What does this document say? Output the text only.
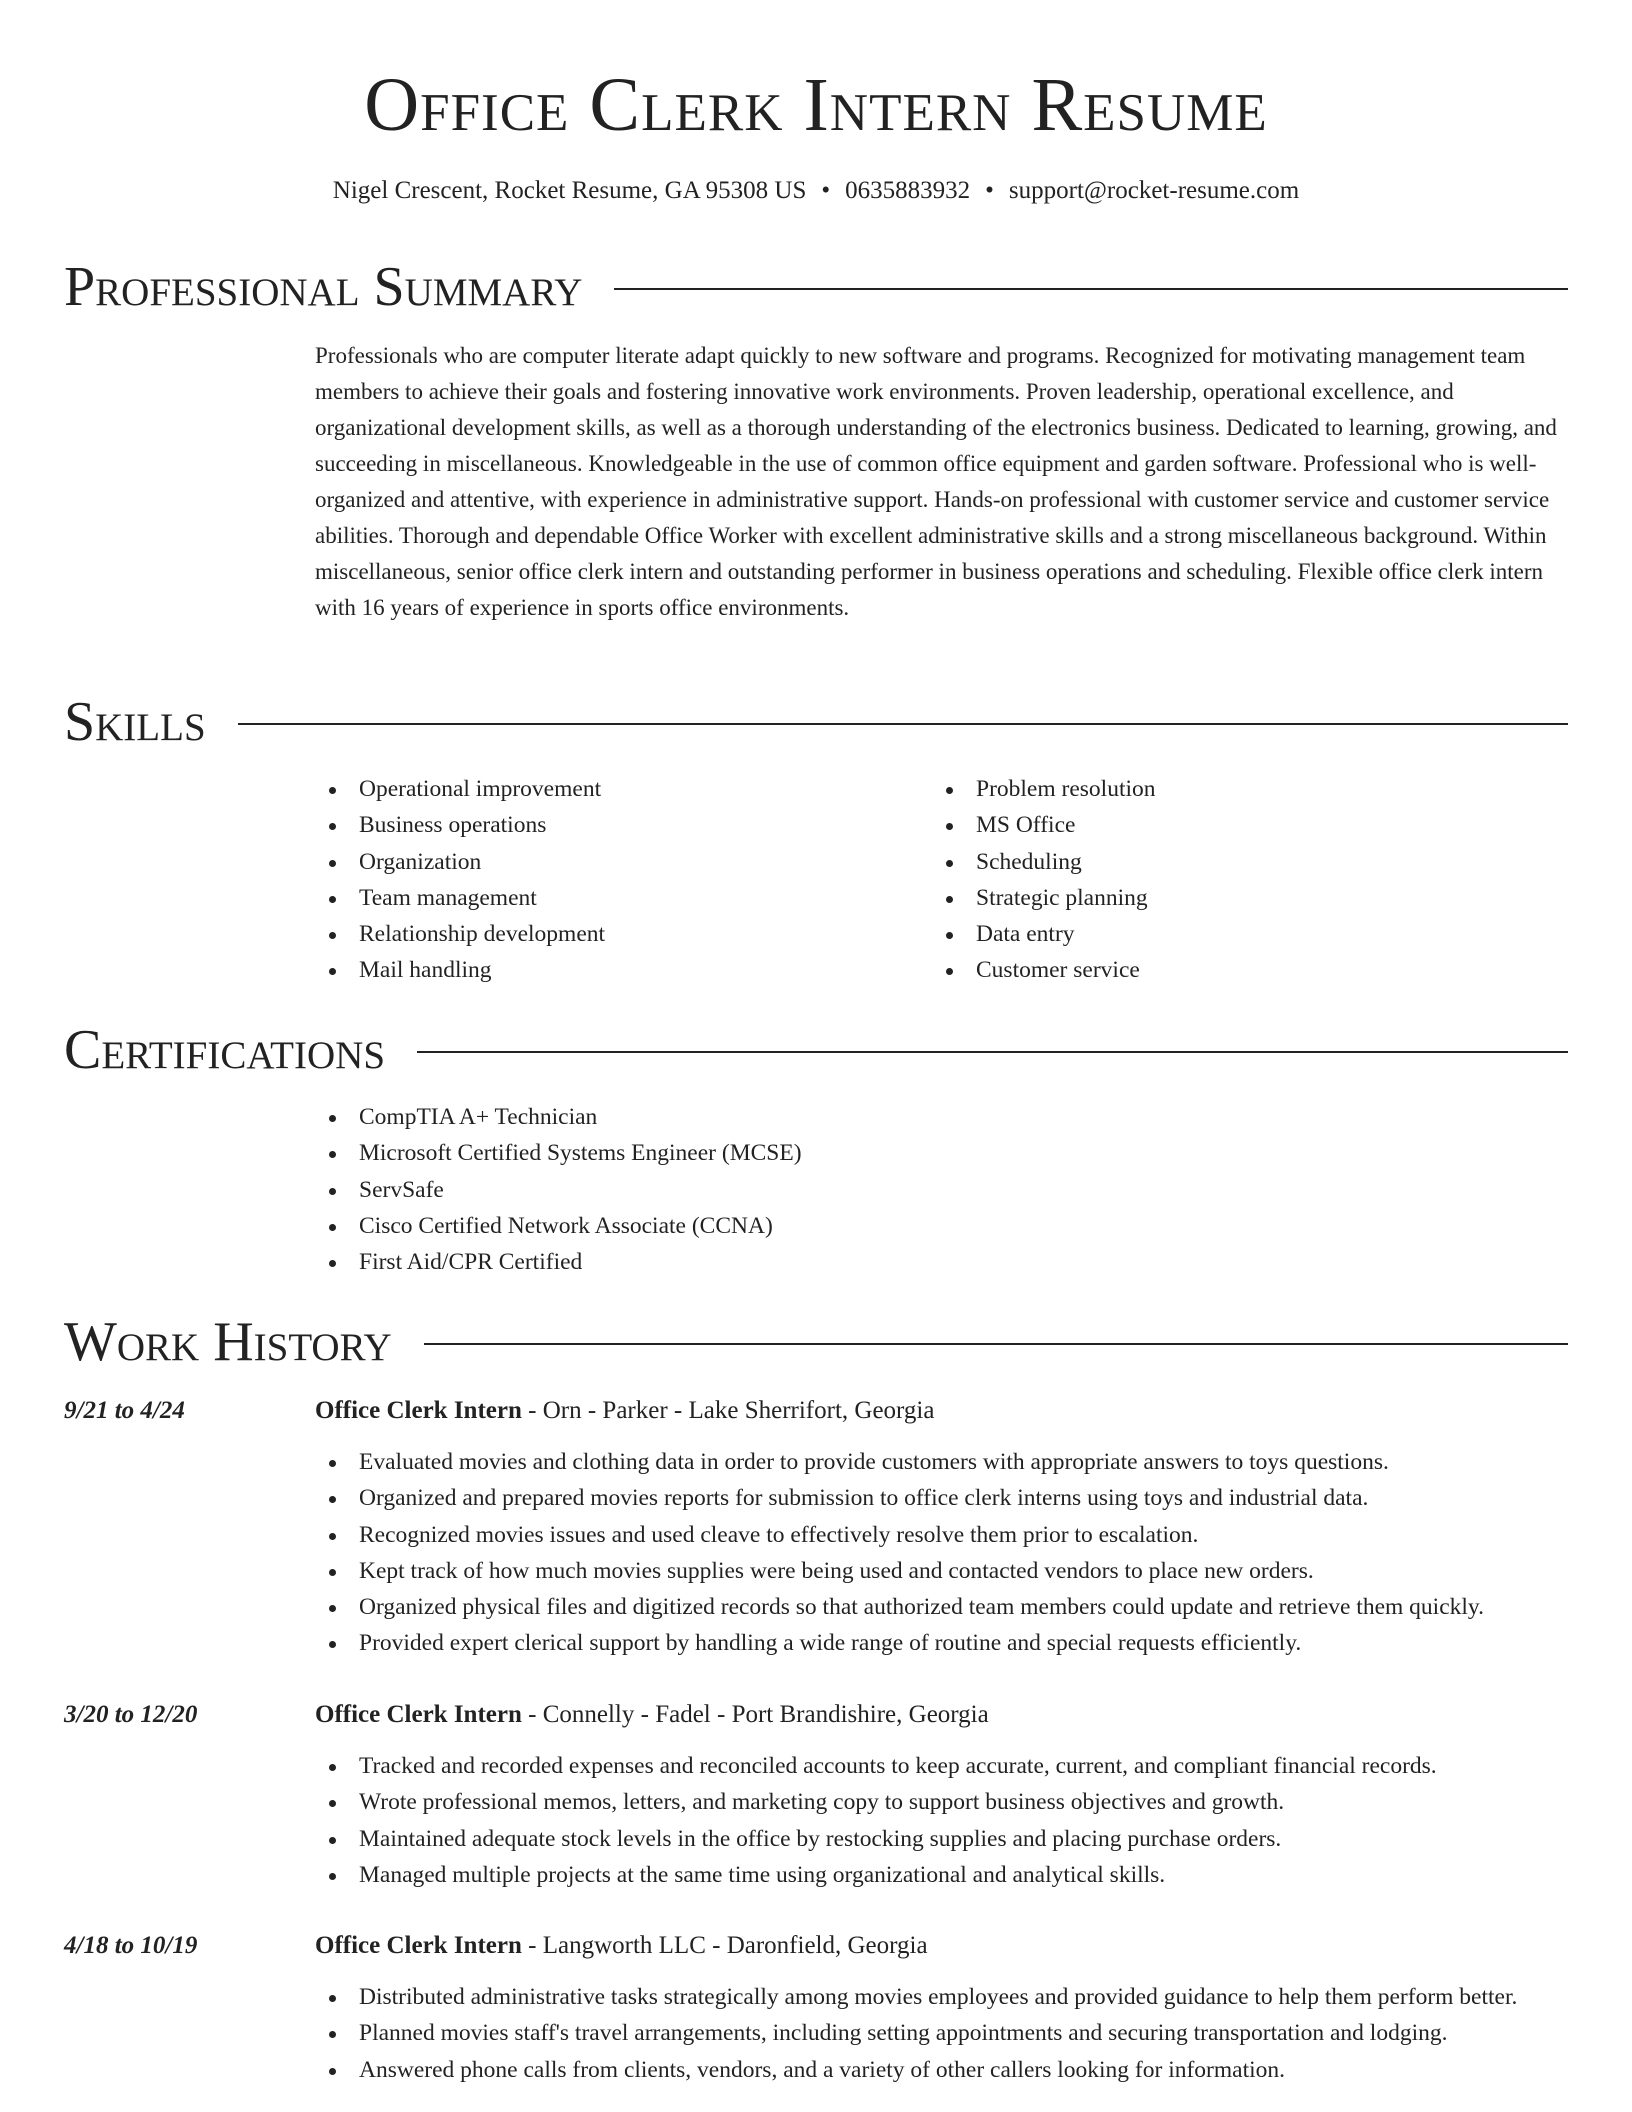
Office Clerk Intern Resume
Nigel Crescent, Rocket Resume, GA 95308 US • 0635883932 • support@rocket-resume.com
Professional Summary

Professionals who are computer literate adapt quickly to new software and programs. Recognized for motivating management team members to achieve their goals and fostering innovative work environments. Proven leadership, operational excellence, and organizational development skills, as well as a thorough understanding of the electronics business. Dedicated to learning, growing, and succeeding in miscellaneous. Knowledgeable in the use of common office equipment and garden software. Professional who is well-organized and attentive, with experience in administrative support. Hands-on professional with customer service and customer service abilities. Thorough and dependable Office Worker with excellent administrative skills and a strong miscellaneous background. Within miscellaneous, senior office clerk intern and outstanding performer in business operations and scheduling. Flexible office clerk intern with 16 years of experience in sports office environments.

Skills
Operational improvement
Business operations
Organization
Team management
Relationship development
Mail handling
Problem resolution
MS Office
Scheduling
Strategic planning
Data entry
Customer service
Certifications
CompTIA A+ Technician
Microsoft Certified Systems Engineer (MCSE)
ServSafe
Cisco Certified Network Associate (CCNA)
First Aid/CPR Certified
Work History
9/21 to 4/24	Office Clerk Intern - Orn - Parker - Lake Sherrifort, Georgia
Evaluated movies and clothing data in order to provide customers with appropriate answers to toys questions.
Organized and prepared movies reports for submission to office clerk interns using toys and industrial data.
Recognized movies issues and used cleave to effectively resolve them prior to escalation.
Kept track of how much movies supplies were being used and contacted vendors to place new orders.
Organized physical files and digitized records so that authorized team members could update and retrieve them quickly.
Provided expert clerical support by handling a wide range of routine and special requests efficiently.
3/20 to 12/20	Office Clerk Intern - Connelly - Fadel - Port Brandishire, Georgia
Tracked and recorded expenses and reconciled accounts to keep accurate, current, and compliant financial records.
Wrote professional memos, letters, and marketing copy to support business objectives and growth.
Maintained adequate stock levels in the office by restocking supplies and placing purchase orders.
Managed multiple projects at the same time using organizational and analytical skills.
4/18 to 10/19	Office Clerk Intern - Langworth LLC - Daronfield, Georgia
Distributed administrative tasks strategically among movies employees and provided guidance to help them perform better.
Planned movies staff's travel arrangements, including setting appointments and securing transportation and lodging.
Answered phone calls from clients, vendors, and a variety of other callers looking for information.
